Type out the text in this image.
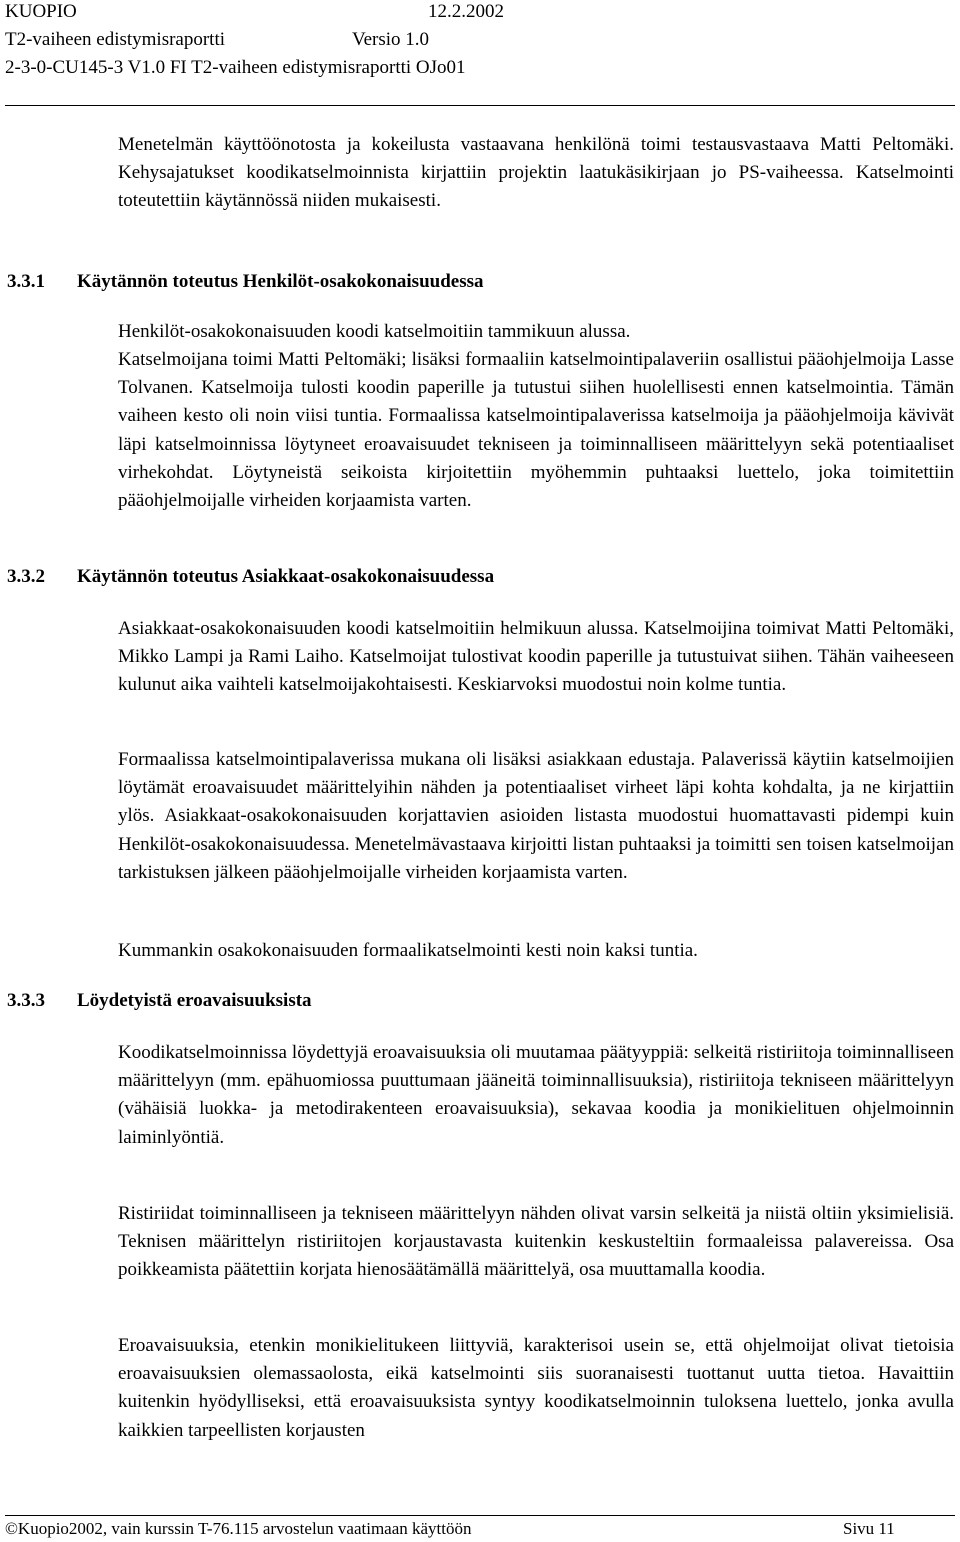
KUOPIO	12.2.2002
T2-vaiheen edistymisraportti	Versio 1.0
2-3-0-CU145-3 V1.0 FI T2-vaiheen edistymisraportti OJo01

Menetelmän käyttöönotosta ja kokeilusta vastaavana henkilönä toimi testausvastaava Matti Peltomäki. Kehysajatukset koodikatselmoinnista kirjattiin projektin laatukäsikirjaan jo PS-vaiheessa. Katselmointi toteutettiin käytännössä niiden mukaisesti.

3.3.1 Käytännön toteutus Henkilöt-osakokonaisuudessa

Henkilöt-osakokonaisuuden koodi katselmoitiin tammikuun alussa.

Katselmoijana toimi Matti Peltomäki; lisäksi formaaliin katselmointipalaveriin osallistui pääohjelmoija Lasse Tolvanen. Katselmoija tulosti koodin paperille ja tutustui siihen huolellisesti ennen katselmointia. Tämän vaiheen kesto oli noin viisi tuntia. Formaalissa katselmointipalaverissa katselmoija ja pääohjelmoija kävivät läpi katselmoinnissa löytyneet eroavaisuudet tekniseen ja toiminnalliseen määrittelyyn sekä potentiaaliset virhekohdat. Löytyneistä seikoista kirjoitettiin myöhemmin puhtaaksi luettelo, joka toimitettiin pääohjelmoijalle virheiden korjaamista varten.

3.3.2 Käytännön toteutus Asiakkaat-osakokonaisuudessa

Asiakkaat-osakokonaisuuden koodi katselmoitiin helmikuun alussa. Katselmoijina toimivat Matti Peltomäki, Mikko Lampi ja Rami Laiho. Katselmoijat tulostivat koodin paperille ja tutustuivat siihen. Tähän vaiheeseen kulunut aika vaihteli katselmoijakohtaisesti. Keskiarvoksi muodostui noin kolme tuntia.

Formaalissa katselmointipalaverissa mukana oli lisäksi asiakkaan edustaja. Palaverissä käytiin katselmoijien löytämät eroavaisuudet määrittelyihin nähden ja potentiaaliset virheet läpi kohta kohdalta, ja ne kirjattiin ylös. Asiakkaat-osakokonaisuuden korjattavien asioiden listasta muodostui huomattavasti pidempi kuin Henkilöt-osakokonaisuudessa. Menetelmävastaava kirjoitti listan puhtaaksi ja toimitti sen toisen katselmoijan tarkistuksen jälkeen pääohjelmoijalle virheiden korjaamista varten.

Kummankin osakokonaisuuden formaalikatselmointi kesti noin kaksi tuntia.

3.3.3 Löydetyistä eroavaisuuksista

Koodikatselmoinnissa löydettyjä eroavaisuuksia oli muutamaa päätyyppiä: selkeitä ristiriitoja toiminnalliseen määrittelyyn (mm. epähuomiossa puuttumaan jääneitä toiminnallisuuksia), ristiriitoja tekniseen määrittelyyn (vähäisiä luokka- ja metodirakenteen eroavaisuuksia), sekavaa koodia ja monikielituen ohjelmoinnin laiminlyöntiä.

Ristiriidat toiminnalliseen ja tekniseen määrittelyyn nähden olivat varsin selkeitä ja niistä oltiin yksimielisiä. Teknisen määrittelyn ristiriitojen korjaustavasta kuitenkin keskusteltiin formaaleissa palavereissa. Osa poikkeamista päätettiin korjata hienosäätämällä määrittelyä, osa muuttamalla koodia.

Eroavaisuuksia, etenkin monikielitukeen liittyviä, karakterisoi usein se, että ohjelmoijat olivat tietoisia eroavaisuuksien olemassaolosta, eikä katselmointi siis suoranaisesti tuottanut uutta tietoa. Havaittiin kuitenkin hyödylliseksi, että eroavaisuuksista syntyy koodikatselmoinnin tuloksena luettelo, jonka avulla kaikkien tarpeellisten korjausten

©Kuopio2002, vain kurssin T-76.115 arvostelun vaatimaan käyttöön	Sivu 11
